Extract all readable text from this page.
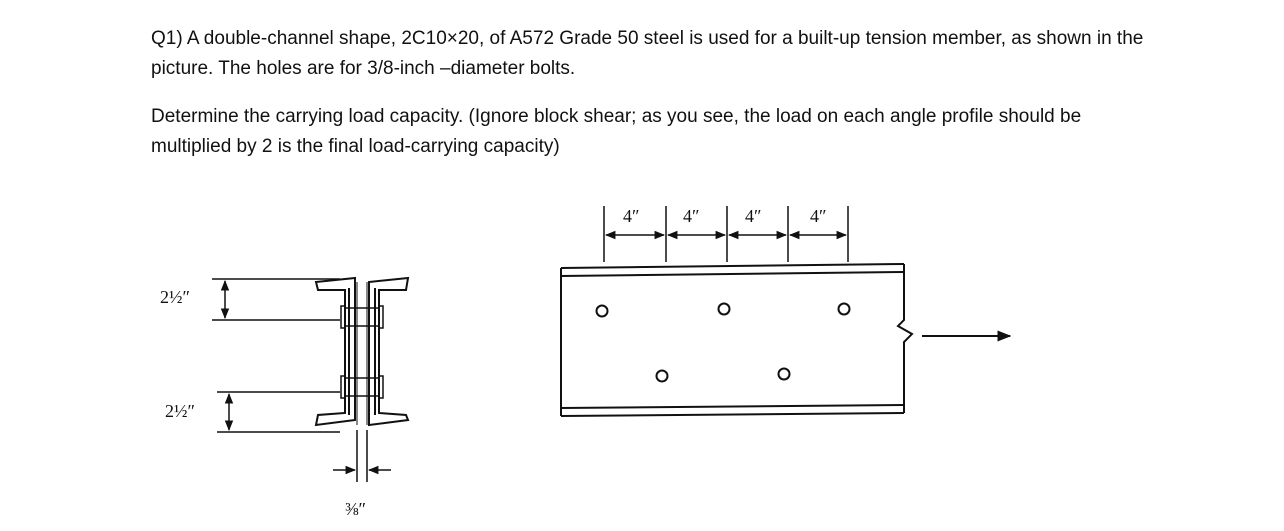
Q1) A double-channel shape, 2C10×20, of A572 Grade 50 steel is used for a built-up tension member, as shown in the picture. The holes are for 3/8-inch –diameter bolts.

Determine the carrying load capacity. (Ignore block shear; as you see, the load on each angle profile should be multiplied by 2 is the final load-carrying capacity)

2½″
2½″
⅜″
4″ 4″	4″	4″
